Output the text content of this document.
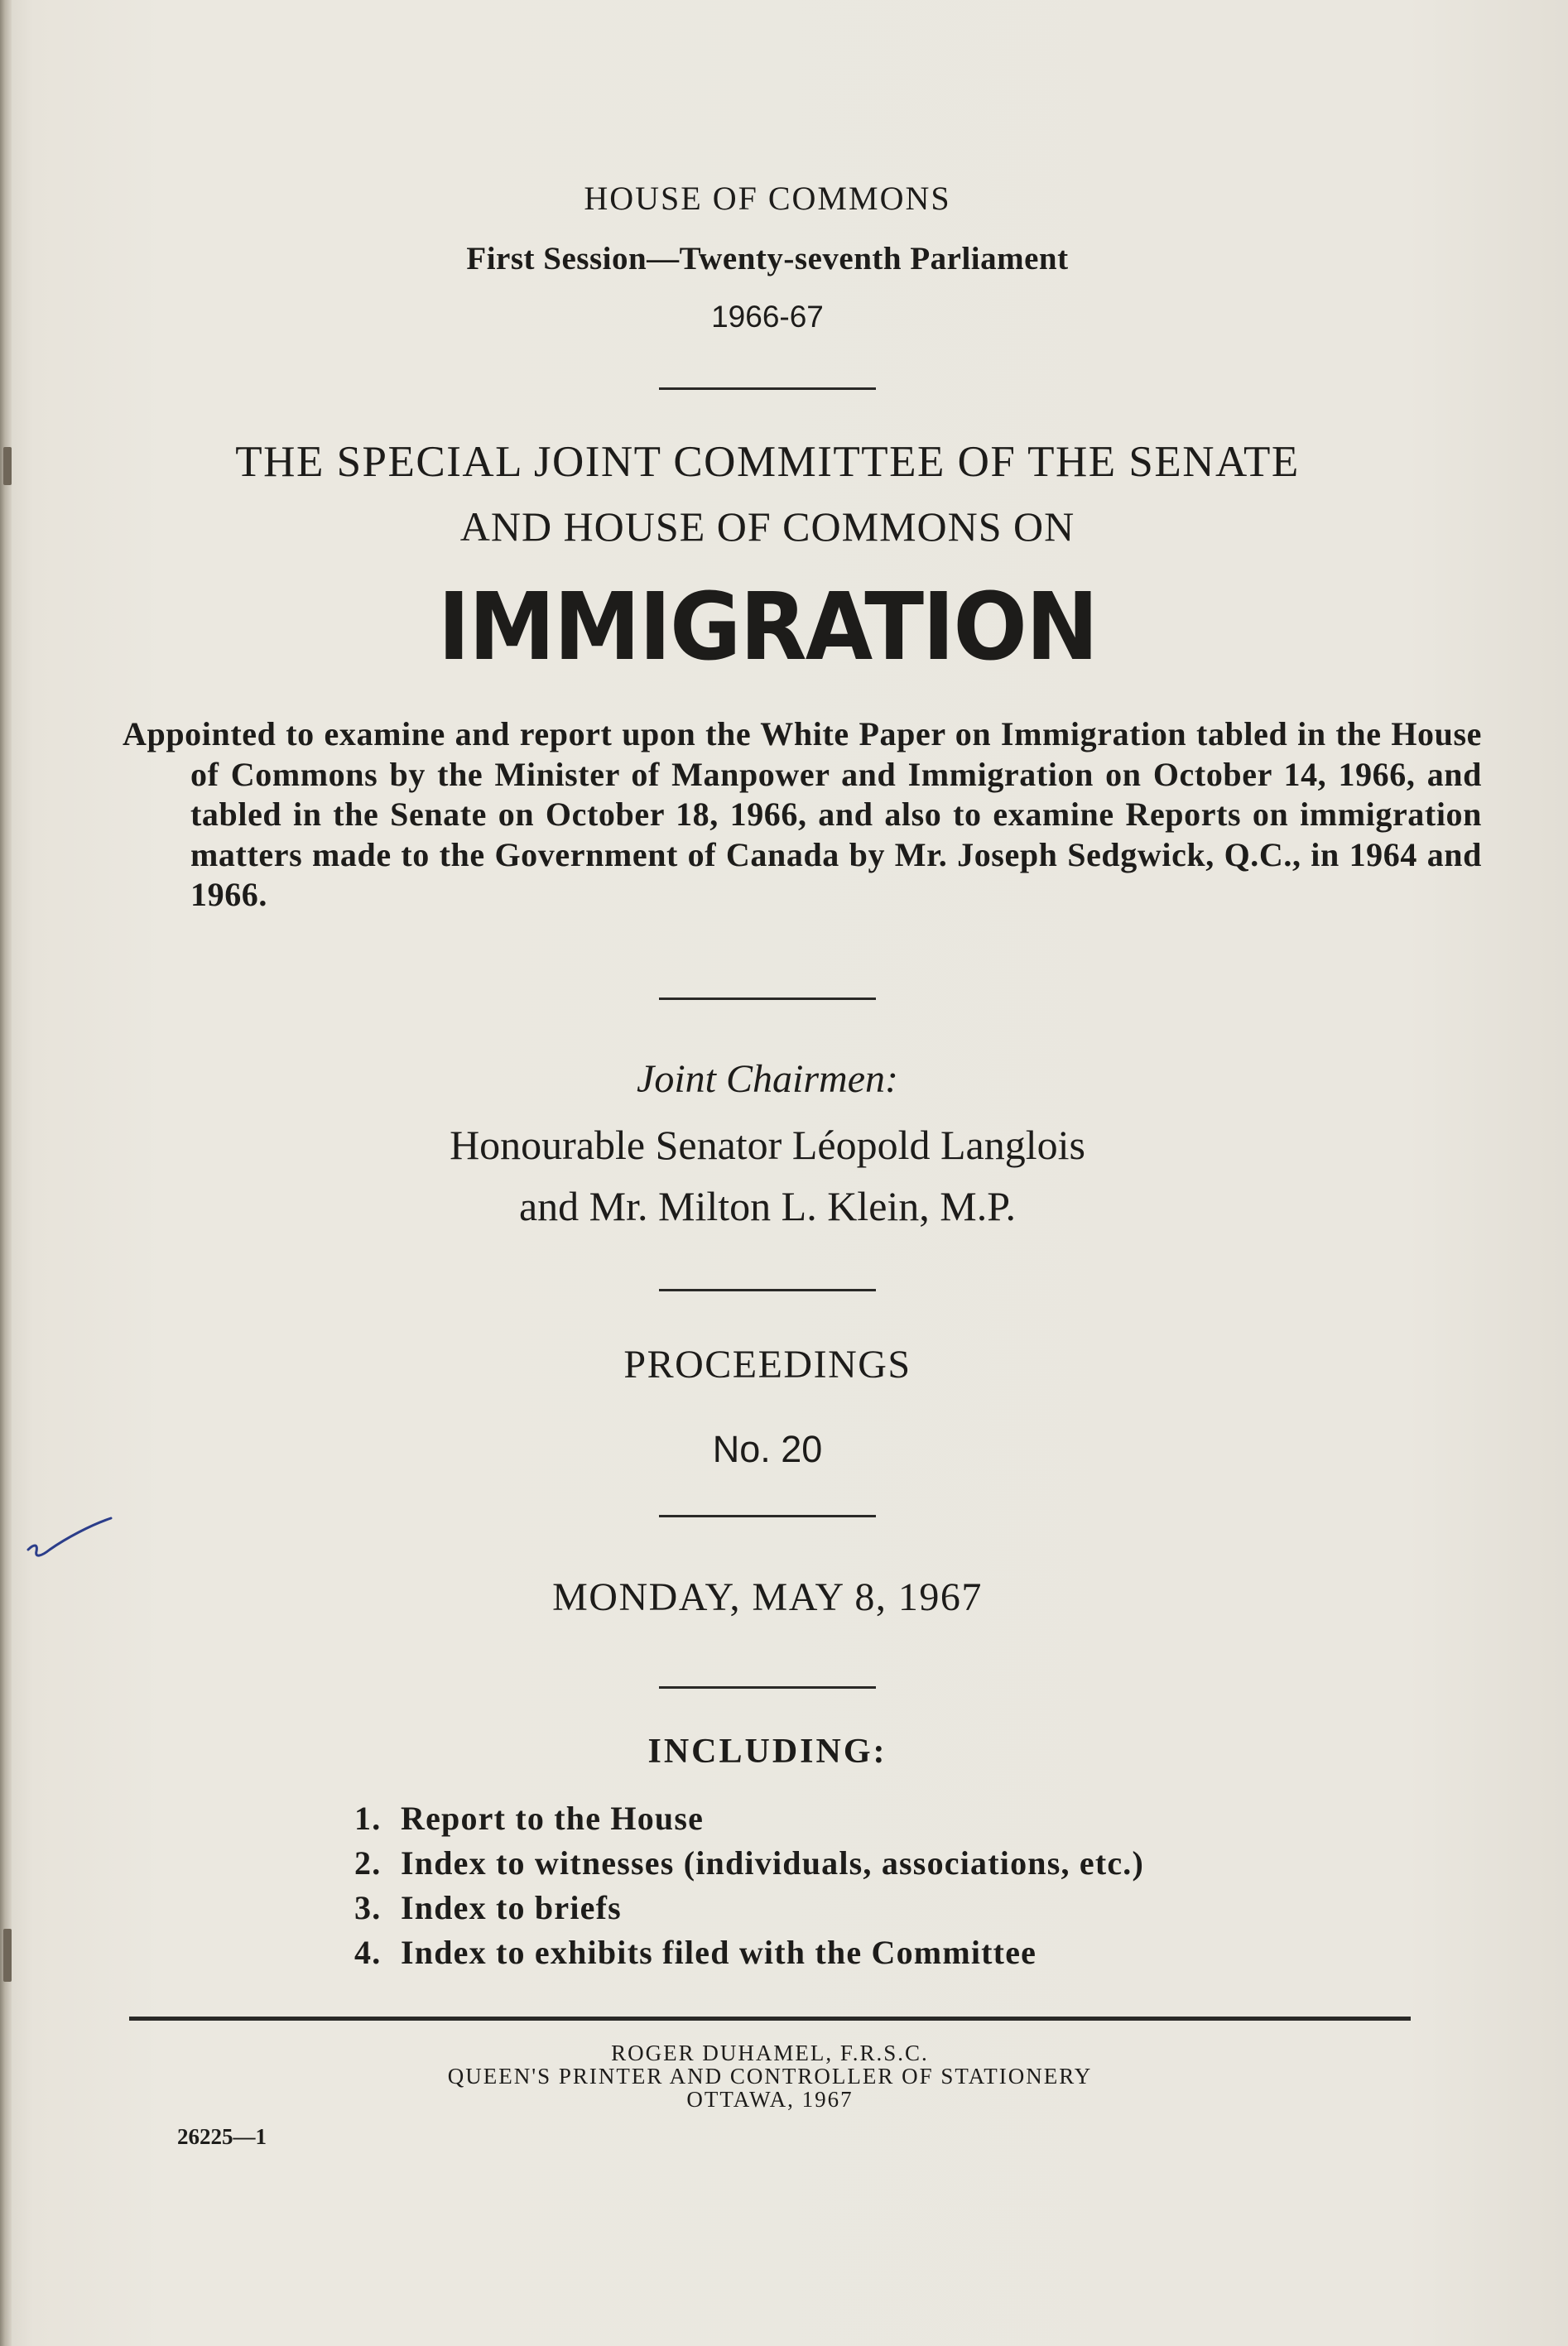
HOUSE OF COMMONS
First Session—Twenty-seventh Parliament
1966-67
THE SPECIAL JOINT COMMITTEE OF THE SENATE
AND HOUSE OF COMMONS ON
IMMIGRATION
Appointed to examine and report upon the White Paper on Immigration tabled in the House of Commons by the Minister of Manpower and Immigration on October 14, 1966, and tabled in the Senate on October 18, 1966, and also to examine Reports on immigration matters made to the Government of Canada by Mr. Joseph Sedgwick, Q.C., in 1964 and 1966.
Joint Chairmen:
Honourable Senator Léopold Langlois
and Mr. Milton L. Klein, M.P.
PROCEEDINGS
No. 20
MONDAY, MAY 8, 1967
INCLUDING:
1. Report to the House
2. Index to witnesses (individuals, associations, etc.)
3. Index to briefs
4. Index to exhibits filed with the Committee
ROGER DUHAMEL, F.R.S.C.
QUEEN'S PRINTER AND CONTROLLER OF STATIONERY
OTTAWA, 1967
26225—1
